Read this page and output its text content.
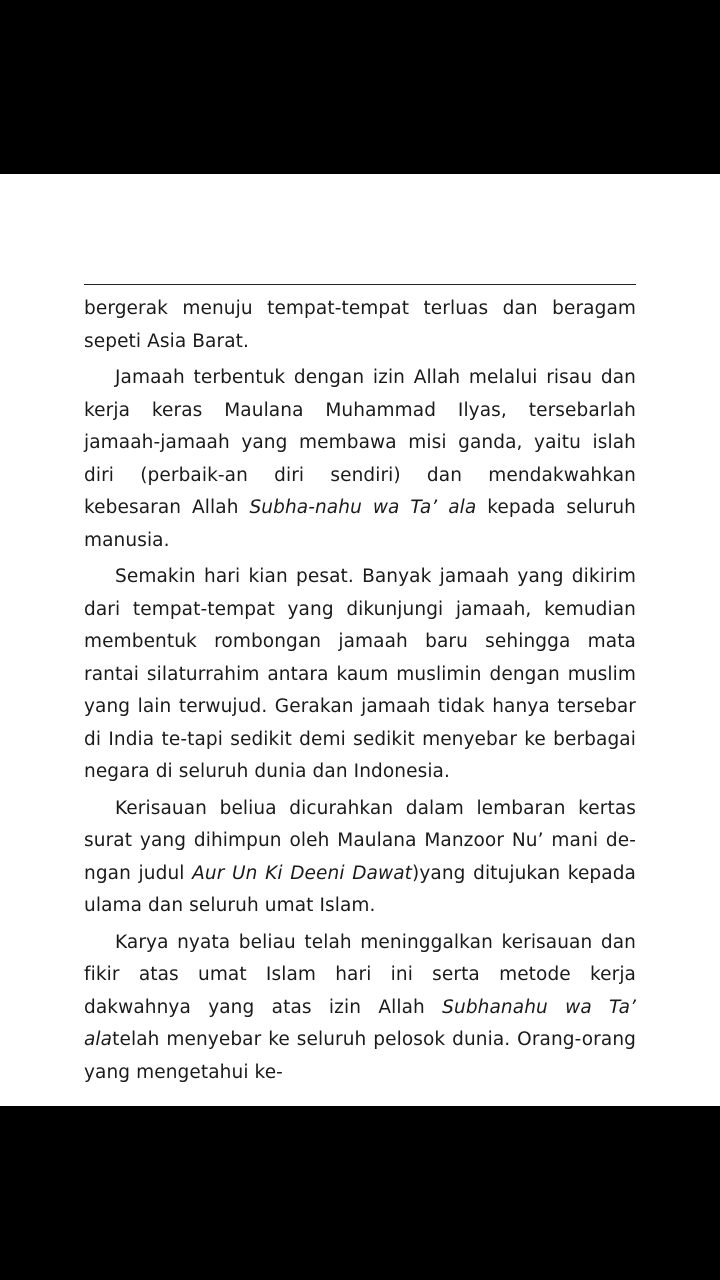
bergerak menuju tempat-tempat terluas dan beragam sepeti Asia Barat.

Jamaah terbentuk dengan izin Allah melalui risau dan kerja keras Maulana Muhammad Ilyas, tersebarlah jamaah-jamaah yang membawa misi ganda, yaitu islah diri (perbaik-an diri sendiri) dan mendakwahkan kebesaran Allah Subha-nahu wa Ta’ ala kepada seluruh manusia.

Semakin hari kian pesat. Banyak jamaah yang dikirim dari tempat-tempat yang dikunjungi jamaah, kemudian membentuk rombongan jamaah baru sehingga mata rantai silaturrahim antara kaum muslimin dengan muslim yang lain terwujud. Gerakan jamaah tidak hanya tersebar di India te-tapi sedikit demi sedikit menyebar ke berbagai negara di seluruh dunia dan Indonesia.

Kerisauan beliua dicurahkan dalam lembaran kertas surat yang dihimpun oleh Maulana Manzoor Nu’ mani de-ngan judul Aur Un Ki Deeni Dawat)yang ditujukan kepada ulama dan seluruh umat Islam.

Karya nyata beliau telah meninggalkan kerisauan dan fikir atas umat Islam hari ini serta metode kerja dakwahnya yang atas izin Allah Subhanahu wa Ta’ alatelah menyebar ke seluruh pelosok dunia. Orang-orang yang mengetahui ke-
